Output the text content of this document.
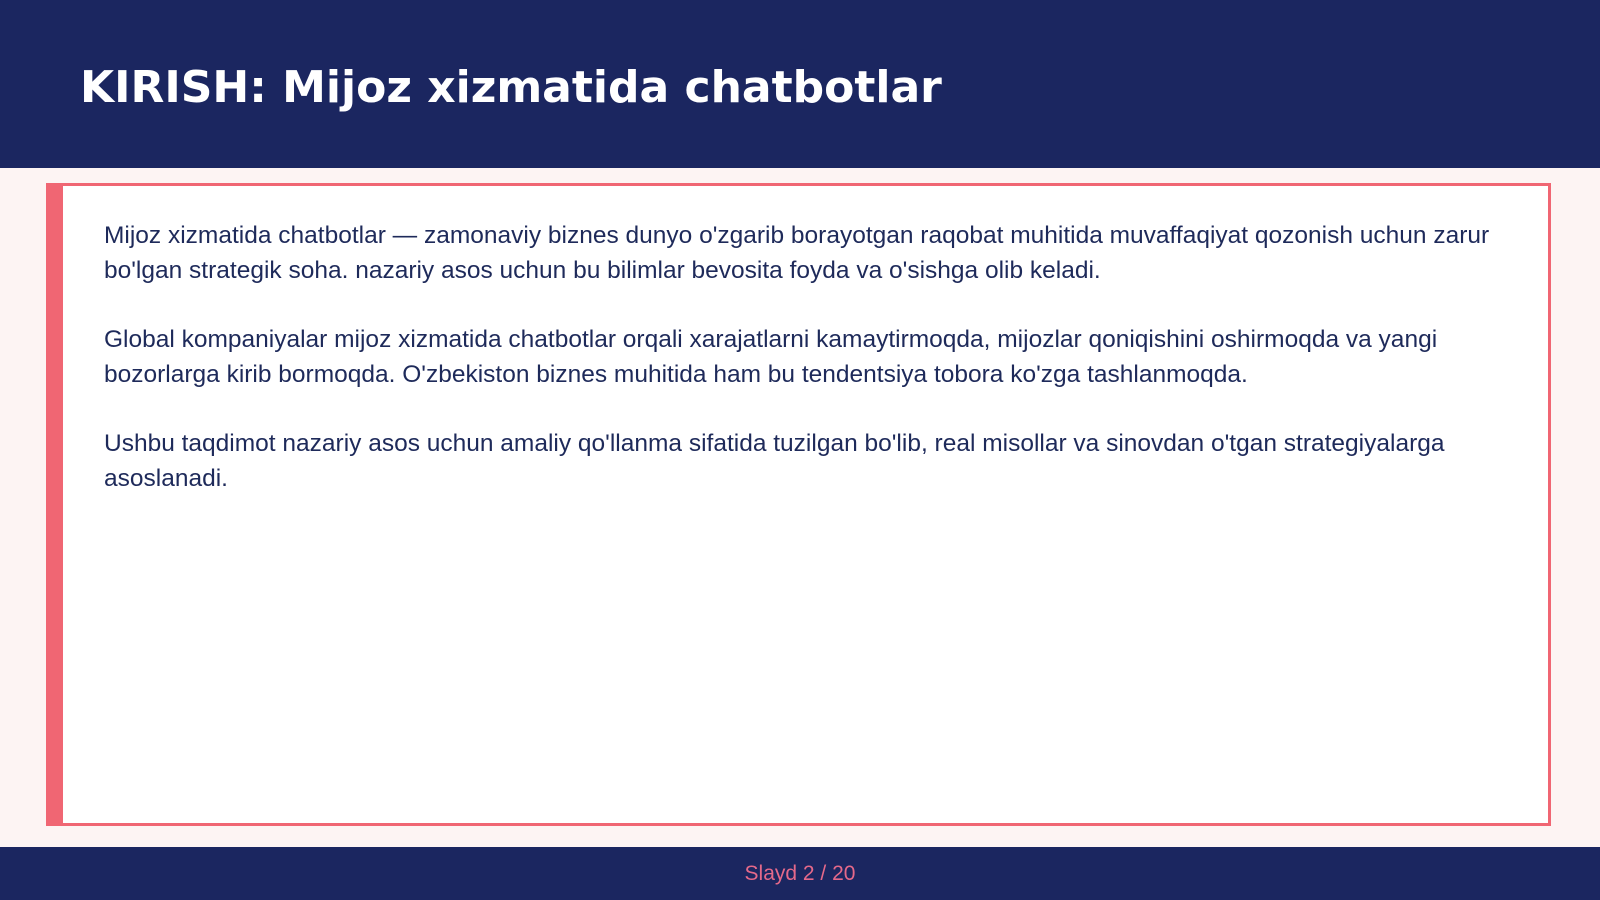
KIRISH: Mijoz xizmatida chatbotlar

Mijoz xizmatida chatbotlar — zamonaviy biznes dunyo o'zgarib borayotgan raqobat muhitida muvaffaqiyat qozonish uchun zarur bo'lgan strategik soha. nazariy asos uchun bu bilimlar bevosita foyda va o'sishga olib keladi.

Global kompaniyalar mijoz xizmatida chatbotlar orqali xarajatlarni kamaytirmoqda, mijozlar qoniqishini oshirmoqda va yangi bozorlarga kirib bormoqda. O'zbekiston biznes muhitida ham bu tendentsiya tobora ko'zga tashlanmoqda.

Ushbu taqdimot nazariy asos uchun amaliy qo'llanma sifatida tuzilgan bo'lib, real misollar va sinovdan o'tgan strategiyalarga asoslanadi.

Slayd 2 / 20
